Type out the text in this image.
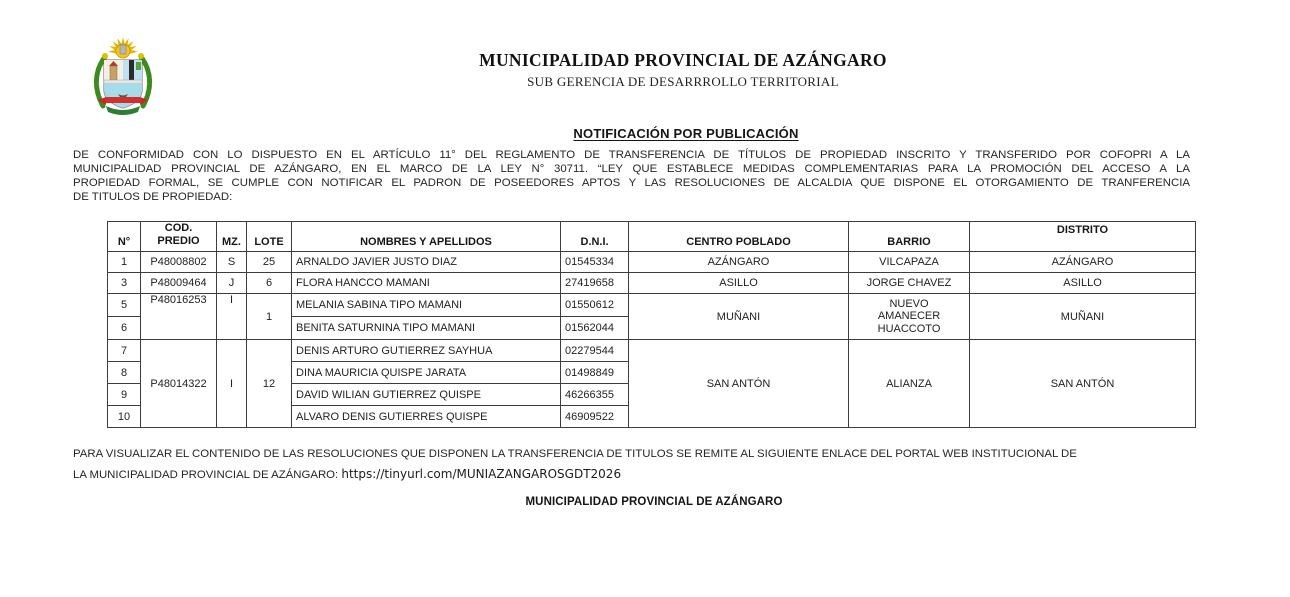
MUNICIPALIDAD PROVINCIAL DE AZÁNGARO
SUB GERENCIA DE DESARRROLLO TERRITORIAL
NOTIFICACIÓN POR PUBLICACIÓN
DE CONFORMIDAD CON LO DISPUESTO EN EL ARTÍCULO 11° DEL REGLAMENTO DE TRANSFERENCIA DE TÍTULOS DE PROPIEDAD INSCRITO Y TRANSFERIDO POR COFOPRI A LA
MUNICIPALIDAD PROVINCIAL DE AZÁNGARO, EN EL MARCO DE LA LEY N° 30711. “LEY QUE ESTABLECE MEDIDAS COMPLEMENTARIAS PARA LA PROMOCIÓN DEL ACCESO A LA
PROPIEDAD FORMAL, SE CUMPLE CON NOTIFICAR EL PADRON DE POSEEDORES APTOS Y LAS RESOLUCIONES DE ALCALDIA QUE DISPONE EL OTORGAMIENTO DE TRANFERENCIA
DE TITULOS DE PROPIEDAD:
N°	COD. PREDIO	MZ.	LOTE	NOMBRES Y APELLIDOS	D.N.I.	CENTRO POBLADO	BARRIO	DISTRITO
1	P48008802	S	25	ARNALDO JAVIER JUSTO DIAZ	01545334	AZÁNGARO	VILCAPAZA	AZÁNGARO
3	P48009464	J	6	FLORA HANCCO MAMANI	27419658	ASILLO	JORGE CHAVEZ	ASILLO
5	P48016253	I	1	MELANIA SABINA TIPO MAMANI	01550612	MUÑANI	NUEVO AMANECER HUACCOTO	MUÑANI
6				BENITA SATURNINA TIPO MAMANI	01562044			
7	P48014322	I	12	DENIS ARTURO GUTIERREZ SAYHUA	02279544	SAN ANTÓN	ALIANZA	SAN ANTÓN
8				DINA MAURICIA QUISPE JARATA	01498849			
9				DAVID WILIAN GUTIERREZ QUISPE	46266355			
10				ALVARO DENIS GUTIERRES QUISPE	46909522			
PARA VISUALIZAR EL CONTENIDO DE LAS RESOLUCIONES QUE DISPONEN LA TRANSFERENCIA DE TITULOS SE REMITE AL SIGUIENTE ENLACE DEL PORTAL WEB INSTITUCIONAL DE
LA MUNICIPALIDAD PROVINCIAL DE AZÁNGARO: https://tinyurl.com/MUNIAZANGAROSGDT2026
MUNICIPALIDAD PROVINCIAL DE AZÁNGARO
